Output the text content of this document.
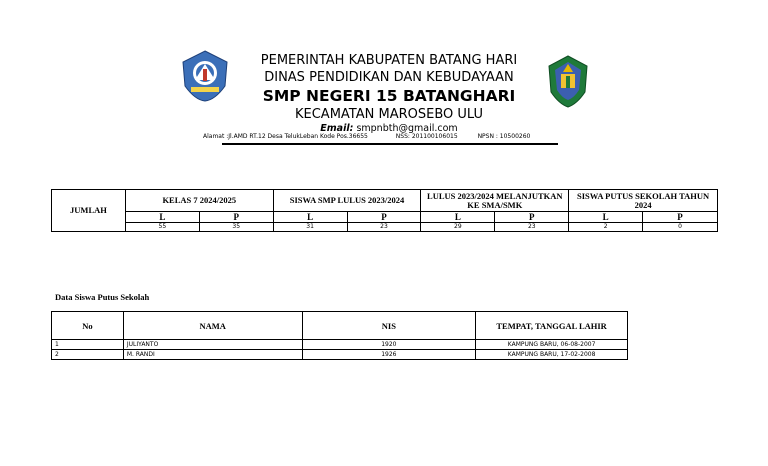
PEMERINTAH KABUPATEN BATANG HARI
DINAS PENDIDIKAN DAN KEBUDAYAAN
SMP NEGERI 15 BATANGHARI
KECAMATAN MAROSEBO ULU
Email: smpnbth@gmail.com
Alamat :Jl.AMD RT.12 Desa TelukLeban Kode Pos.36655	NSS: 201100106015	NPSN : 10500260
JUMLAH	KELAS 7 2024/2025		SISWA SMP LULUS 2023/2024		LULUS 2023/2024 MELANJUTKAN KE SMA/SMK		SISWA PUTUS SEKOLAH TAHUN 2024	
	L	P	L	P	L	P	L	P
	55	35	31	23	29	23	2	0
Data Siswa Putus Sekolah
No	NAMA	NIS	TEMPAT, TANGGAL LAHIR
1	JULIYANTO	1920	KAMPUNG BARU, 06-08-2007
2	M. RANDI	1926	KAMPUNG BARU, 17-02-2008
